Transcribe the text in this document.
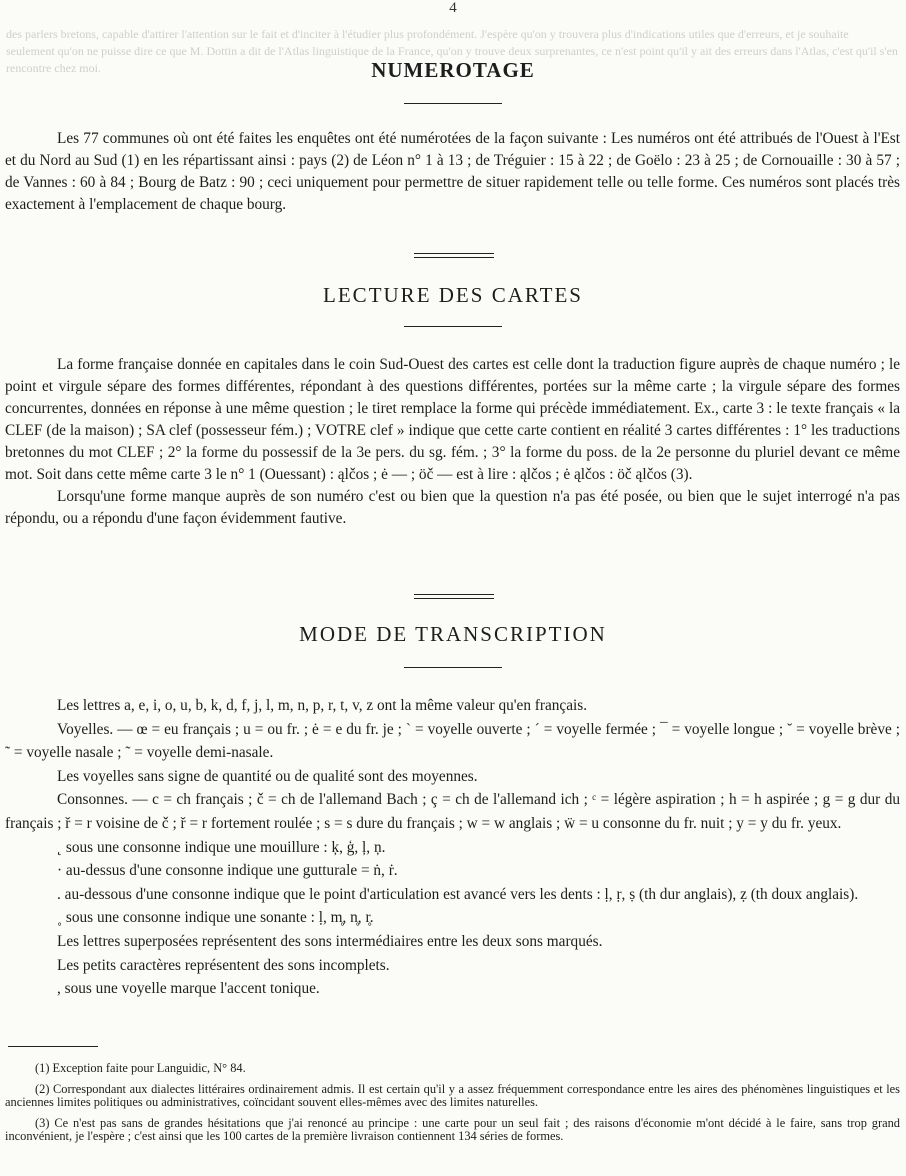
4
des parlers bretons, capable d'attirer l'attention sur le fait et d'inciter à l'étudier plus profondément. J'espère qu'on y trouvera plus d'indications utiles que d'erreurs, et je souhaite seulement qu'on ne puisse dire ce que M. Dottin a dit de l'Atlas linguistique de la France, qu'on y trouve deux surprenantes, ce n'est point qu'il y ait des erreurs dans l'Atlas, c'est qu'il s'en rencontre chez moi.	NUMEROTAGE

Les 77 communes où ont été faites les enquêtes ont été numérotées de la façon suivante : Les numéros ont été attribués de l'Ouest à l'Est et du Nord au Sud (1) en les répartissant ainsi : pays (2) de Léon n° 1 à 13 ; de Tréguier : 15 à 22 ; de Goëlo : 23 à 25 ; de Cornouaille : 30 à 57 ; de Vannes : 60 à 84 ; Bourg de Batz : 90 ; ceci uniquement pour permettre de situer rapidement telle ou telle forme. Ces numéros sont placés très exactement à l'emplacement de chaque bourg.

LECTURE DES CARTES

La forme française donnée en capitales dans le coin Sud-Ouest des cartes est celle dont la traduction figure auprès de chaque numéro ; le point et virgule sépare des formes différentes, répondant à des questions différentes, portées sur la même carte ; la virgule sépare des formes concurrentes, données en réponse à une même question ; le tiret remplace la forme qui précède immédiatement. Ex., carte 3 : le texte français « la CLEF (de la maison) ; SA clef (possesseur fém.) ; VOTRE clef » indique que cette carte contient en réalité 3 cartes différentes : 1° les traductions bretonnes du mot CLEF ; 2° la forme du possessif de la 3e pers. du sg. fém. ; 3° la forme du poss. de la 2e personne du pluriel devant ce même mot. Soit dans cette même carte 3 le n° 1 (Ouessant) : ąlčos ; ė — ; öč — est à lire : ąlčos ; ė ąlčos : öč ąlčos (3).

Lorsqu'une forme manque auprès de son numéro c'est ou bien que la question n'a pas été posée, ou bien que le sujet interrogé n'a pas répondu, ou a répondu d'une façon évidemment fautive.

MODE DE TRANSCRIPTION

Les lettres a, e, i, o, u, b, k, d, f, j, l, m, n, p, r, t, v, z ont la même valeur qu'en français.

Voyelles. — œ = eu français ; u = ou fr. ; ė = e du fr. je ; ` = voyelle ouverte ; ´ = voyelle fermée ; ¯ = voyelle longue ; ˘ = voyelle brève ; ˜ = voyelle nasale ; ˜ = voyelle demi-nasale.

Les voyelles sans signe de quantité ou de qualité sont des moyennes.

Consonnes. — c = ch français ; č = ch de l'allemand Bach ; ç = ch de l'allemand ich ; ᶜ = légère aspiration ; h = h aspirée ; g = g dur du français ; ř = r voisine de č ; ř = r fortement roulée ; s = s dure du français ; w = w anglais ; ẅ = u consonne du fr. nuit ; y = y du fr. yeux.

˛ sous une consonne indique une mouillure : ķ, ģ, ļ, ņ.

· au-dessus d'une consonne indique une gutturale = ṅ, ṙ.

. au-dessous d'une consonne indique que le point d'articulation est avancé vers les dents : ḷ, ṛ, ṣ (th dur anglais), ẓ (th doux anglais).

˳ sous une consonne indique une sonante : ḷ, m̥, n̥, r̥.

Les lettres superposées représentent des sons intermédiaires entre les deux sons marqués.

Les petits caractères représentent des sons incomplets.

, sous une voyelle marque l'accent tonique.

(1) Exception faite pour Languidic, N° 84.

(2) Correspondant aux dialectes littéraires ordinairement admis. Il est certain qu'il y a assez fréquemment correspondance entre les aires des phénomènes linguistiques et les anciennes limites politiques ou administratives, coïncidant souvent elles-mêmes avec des limites naturelles.

(3) Ce n'est pas sans de grandes hésitations que j'ai renoncé au principe : une carte pour un seul fait ; des raisons d'économie m'ont décidé à le faire, sans trop grand inconvénient, je l'espère ; c'est ainsi que les 100 cartes de la première livraison contiennent 134 séries de formes.
